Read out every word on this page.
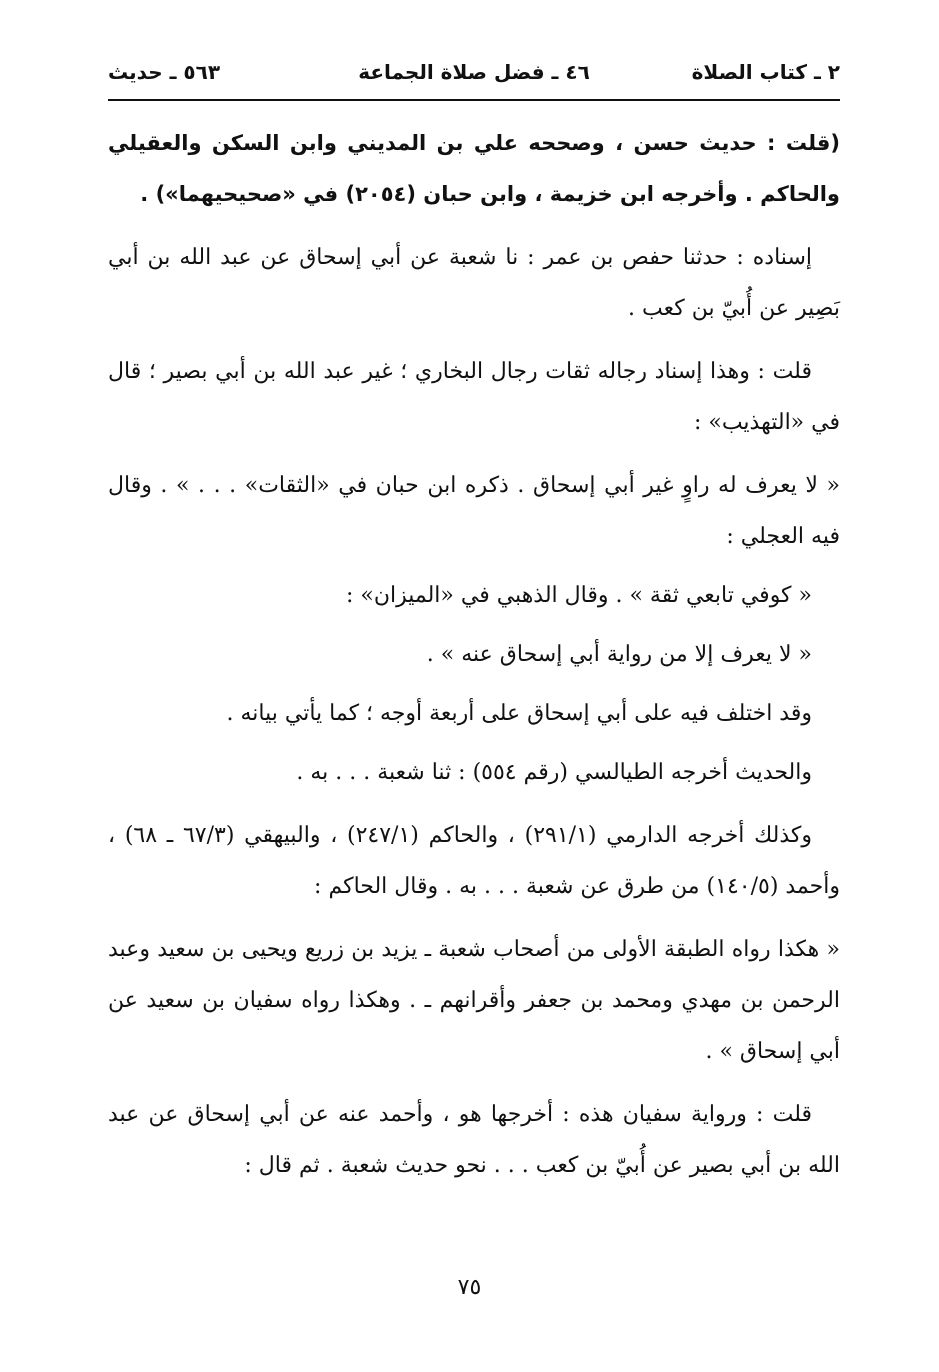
٢ ـ كتاب الصلاة
٤٦ ـ فضل صلاة الجماعة
٥٦٣ ـ حديث

(قلت : حديث حسن ، وصححه علي بن المديني وابن السكن والعقيلي والحاكم . وأخرجه ابن خزيمة ، وابن حبان (٢٠٥٤) في «صحيحيهما») .

إسناده : حدثنا حفص بن عمر : نا شعبة عن أبي إسحاق عن عبد الله بن أبي بَصِير عن أُبيّ بن كعب .

قلت : وهذا إسناد رجاله ثقات رجال البخاري ؛ غير عبد الله بن أبي بصير ؛ قال في «التهذيب» :

« لا يعرف له راوٍ غير أبي إسحاق . ذكره ابن حبان في «الثقات» . . . » . وقال فيه العجلي :

« كوفي تابعي ثقة » . وقال الذهبي في «الميزان» :

« لا يعرف إلا من رواية أبي إسحاق عنه » .

وقد اختلف فيه على أبي إسحاق على أربعة أوجه ؛ كما يأتي بيانه .

والحديث أخرجه الطيالسي (رقم ٥٥٤) : ثنا شعبة . . . به .

وكذلك أخرجه الدارمي (٢٩١/١) ، والحاكم (٢٤٧/١) ، والبيهقي (٦٧/٣ ـ ٦٨) ، وأحمد (١٤٠/٥) من طرق عن شعبة . . . به . وقال الحاكم :

« هكذا رواه الطبقة الأولى من أصحاب شعبة ـ يزيد بن زريع ويحيى بن سعيد وعبد الرحمن بن مهدي ومحمد بن جعفر وأقرانهم ـ . وهكذا رواه سفيان بن سعيد عن أبي إسحاق » .

قلت : ورواية سفيان هذه : أخرجها هو ، وأحمد عنه عن أبي إسحاق عن عبد الله بن أبي بصير عن أُبيّ بن كعب . . . نحو حديث شعبة . ثم قال :

٧٥
